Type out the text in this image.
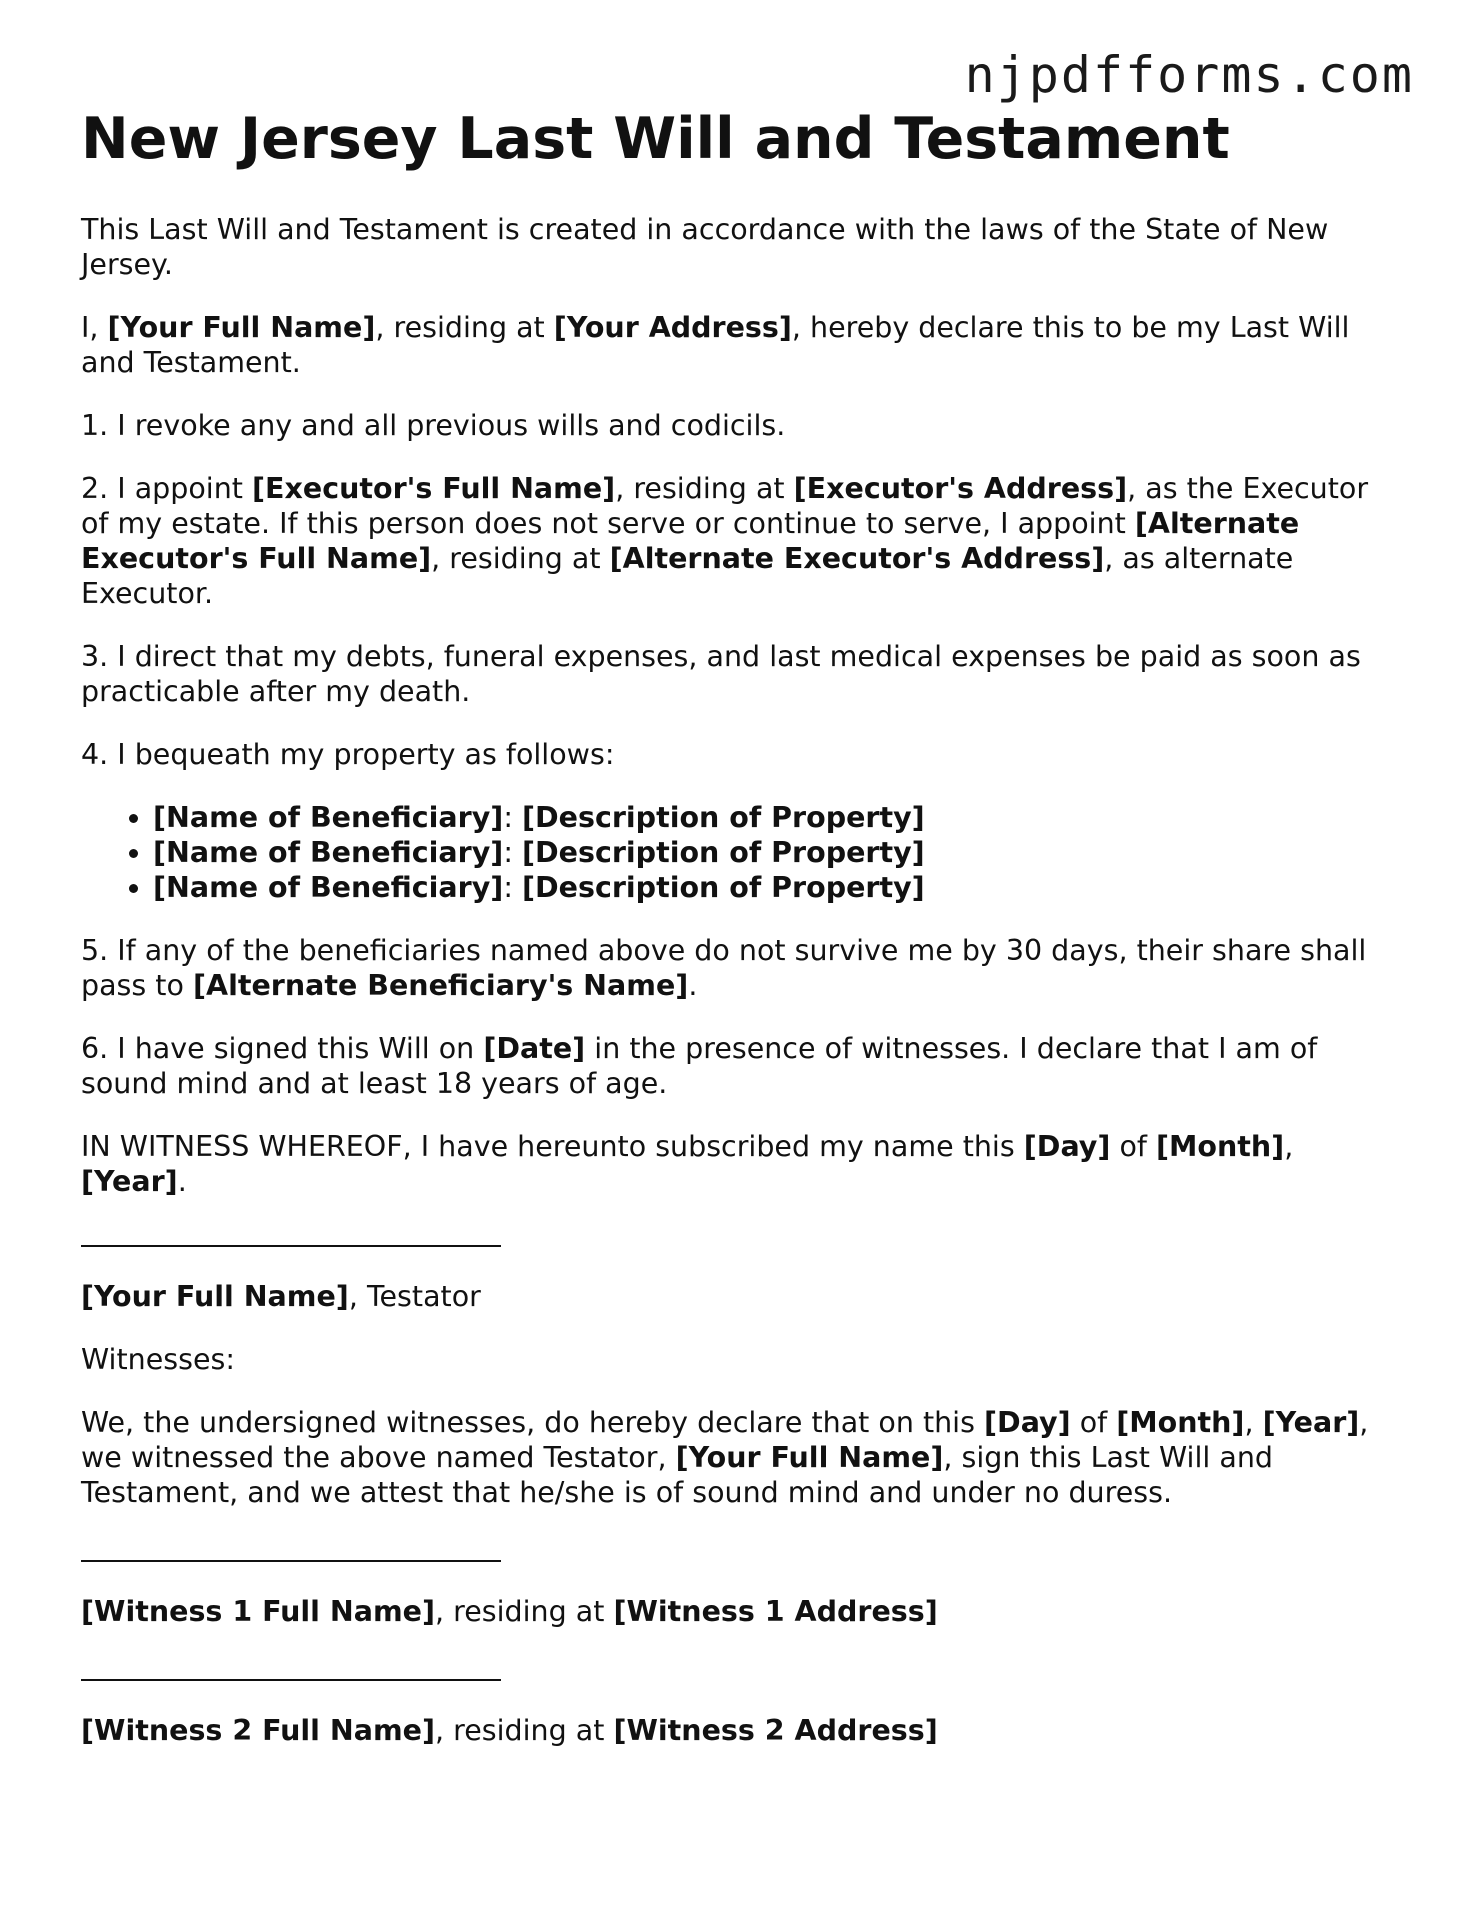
njpdfforms.com
New Jersey Last Will and Testament

This Last Will and Testament is created in accordance with the laws of the State of New Jersey.

I, [Your Full Name], residing at [Your Address], hereby declare this to be my Last Will and Testament.

1. I revoke any and all previous wills and codicils.

2. I appoint [Executor's Full Name], residing at [Executor's Address], as the Executor of my estate. If this person does not serve or continue to serve, I appoint [Alternate Executor's Full Name], residing at [Alternate Executor's Address], as alternate Executor.

3. I direct that my debts, funeral expenses, and last medical expenses be paid as soon as practicable after my death.

4. I bequeath my property as follows:

• [Name of Beneficiary]: [Description of Property]
• [Name of Beneficiary]: [Description of Property]
• [Name of Beneficiary]: [Description of Property]

5. If any of the beneficiaries named above do not survive me by 30 days, their share shall pass to [Alternate Beneficiary's Name].

6. I have signed this Will on [Date] in the presence of witnesses. I declare that I am of sound mind and at least 18 years of age.

IN WITNESS WHEREOF, I have hereunto subscribed my name this [Day] of [Month], [Year].

[Your Full Name], Testator

Witnesses:

We, the undersigned witnesses, do hereby declare that on this [Day] of [Month], [Year], we witnessed the above named Testator, [Your Full Name], sign this Last Will and Testament, and we attest that he/she is of sound mind and under no duress.

[Witness 1 Full Name], residing at [Witness 1 Address]

[Witness 2 Full Name], residing at [Witness 2 Address]
